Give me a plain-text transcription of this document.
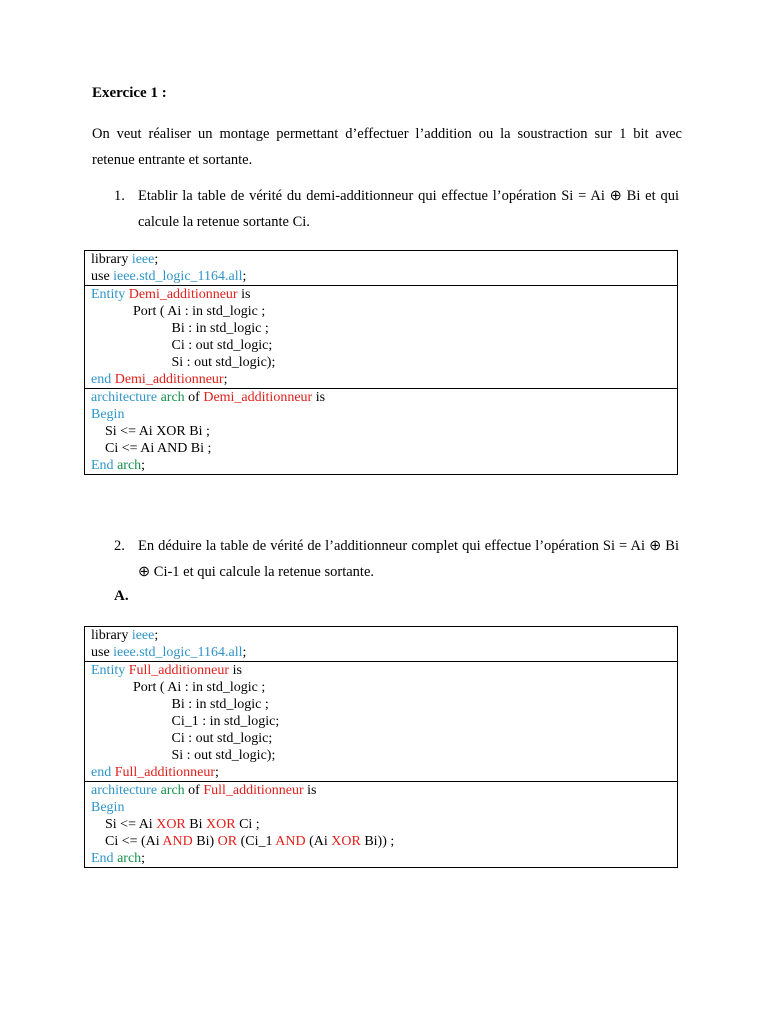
Exercice 1 :
On veut réaliser un montage permettant d’effectuer l’addition ou la soustraction sur 1 bit avec retenue entrante et sortante.
1. Etablir la table de vérité du demi-additionneur qui effectue l’opération Si = Ai ⊕ Bi et qui calcule la retenue sortante Ci.
library ieee;
use ieee.std_logic_1164.all;
Entity Demi_additionneur is
Port ( Ai : in std_logic ;
Bi : in std_logic ;
Ci : out std_logic;
Si : out std_logic);
end Demi_additionneur;
architecture arch of Demi_additionneur is
Begin
Si <= Ai XOR Bi ;
Ci <= Ai AND Bi ;
End arch;
2. En déduire la table de vérité de l’additionneur complet qui effectue l’opération Si = Ai ⊕ Bi ⊕ Ci-1 et qui calcule la retenue sortante.
A.
library ieee;
use ieee.std_logic_1164.all;
Entity Full_additionneur is
Port ( Ai : in std_logic ;
Bi : in std_logic ;
Ci_1 : in std_logic;
Ci : out std_logic;
Si : out std_logic);
end Full_additionneur;
architecture arch of Full_additionneur is
Begin
Si <= Ai XOR Bi XOR Ci ;
Ci <= (Ai AND Bi) OR (Ci_1 AND (Ai XOR Bi)) ;
End arch;
